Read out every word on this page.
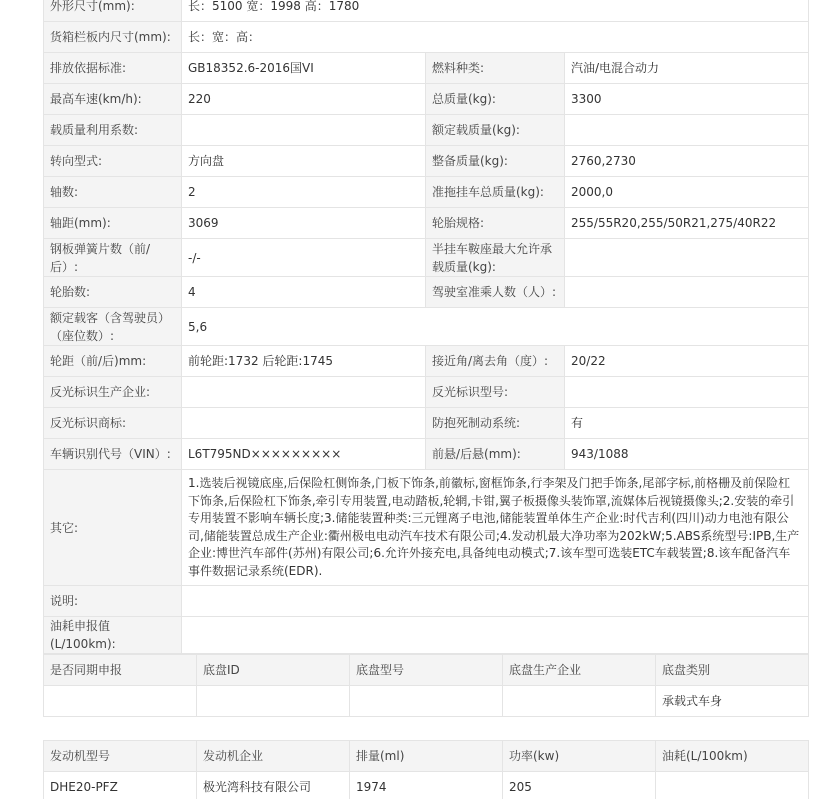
外形尺寸(mm):	长：5100 宽：1998 高：1780		
货箱栏板内尺寸(mm):	长：宽：高：		
排放依据标准:	GB18352.6-2016国VI	燃料种类:	汽油/电混合动力
最高车速(km/h):	220	总质量(kg):	3300
载质量利用系数:		额定载质量(kg):	
转向型式:	方向盘	整备质量(kg):	2760,2730
轴数:	2	准拖挂车总质量(kg):	2000,0
轴距(mm):	3069	轮胎规格:	255/55R20,255/50R21,275/40R22
钢板弹簧片数（前/后）:	-/-	半挂车鞍座最大允许承载质量(kg):	
轮胎数:	4	驾驶室准乘人数（人）:	
额定载客（含驾驶员）（座位数）:	5,6		
轮距（前/后)mm:	前轮距:1732 后轮距:1745	接近角/离去角（度）:	20/22
反光标识生产企业:		反光标识型号:	
反光标识商标:		防抱死制动系统:	有
车辆识别代号（VIN）:	L6T795ND×××××××××	前悬/后悬(mm):	943/1088
其它:	1.选装后视镜底座,后保险杠侧饰条,门板下饰条,前徽标,窗框饰条,行李架及门把手饰条,尾部字标,前格栅及前保险杠下饰条,后保险杠下饰条,牵引专用装置,电动踏板,轮辋,卡钳,翼子板摄像头装饰罩,流媒体后视镜摄像头;2.安装的牵引专用装置不影响车辆长度;3.储能装置种类:三元锂离子电池,储能装置单体生产企业:时代吉利(四川)动力电池有限公司,储能装置总成生产企业:衢州极电电动汽车技术有限公司;4.发动机最大净功率为202kW;5.ABS系统型号:IPB,生产企业:博世汽车部件(苏州)有限公司;6.允许外接充电,具备纯电动模式;7.该车型可选装ETC车载装置;8.该车配备汽车事件数据记录系统(EDR).		
说明:			
油耗申报值(L/100km):			
是否同期申报	底盘ID	底盘型号	底盘生产企业	底盘类别
				承载式车身
发动机型号	发动机企业	排量(ml)	功率(kw)	油耗(L/100km)
DHE20-PFZ	极光湾科技有限公司	1974	205	
